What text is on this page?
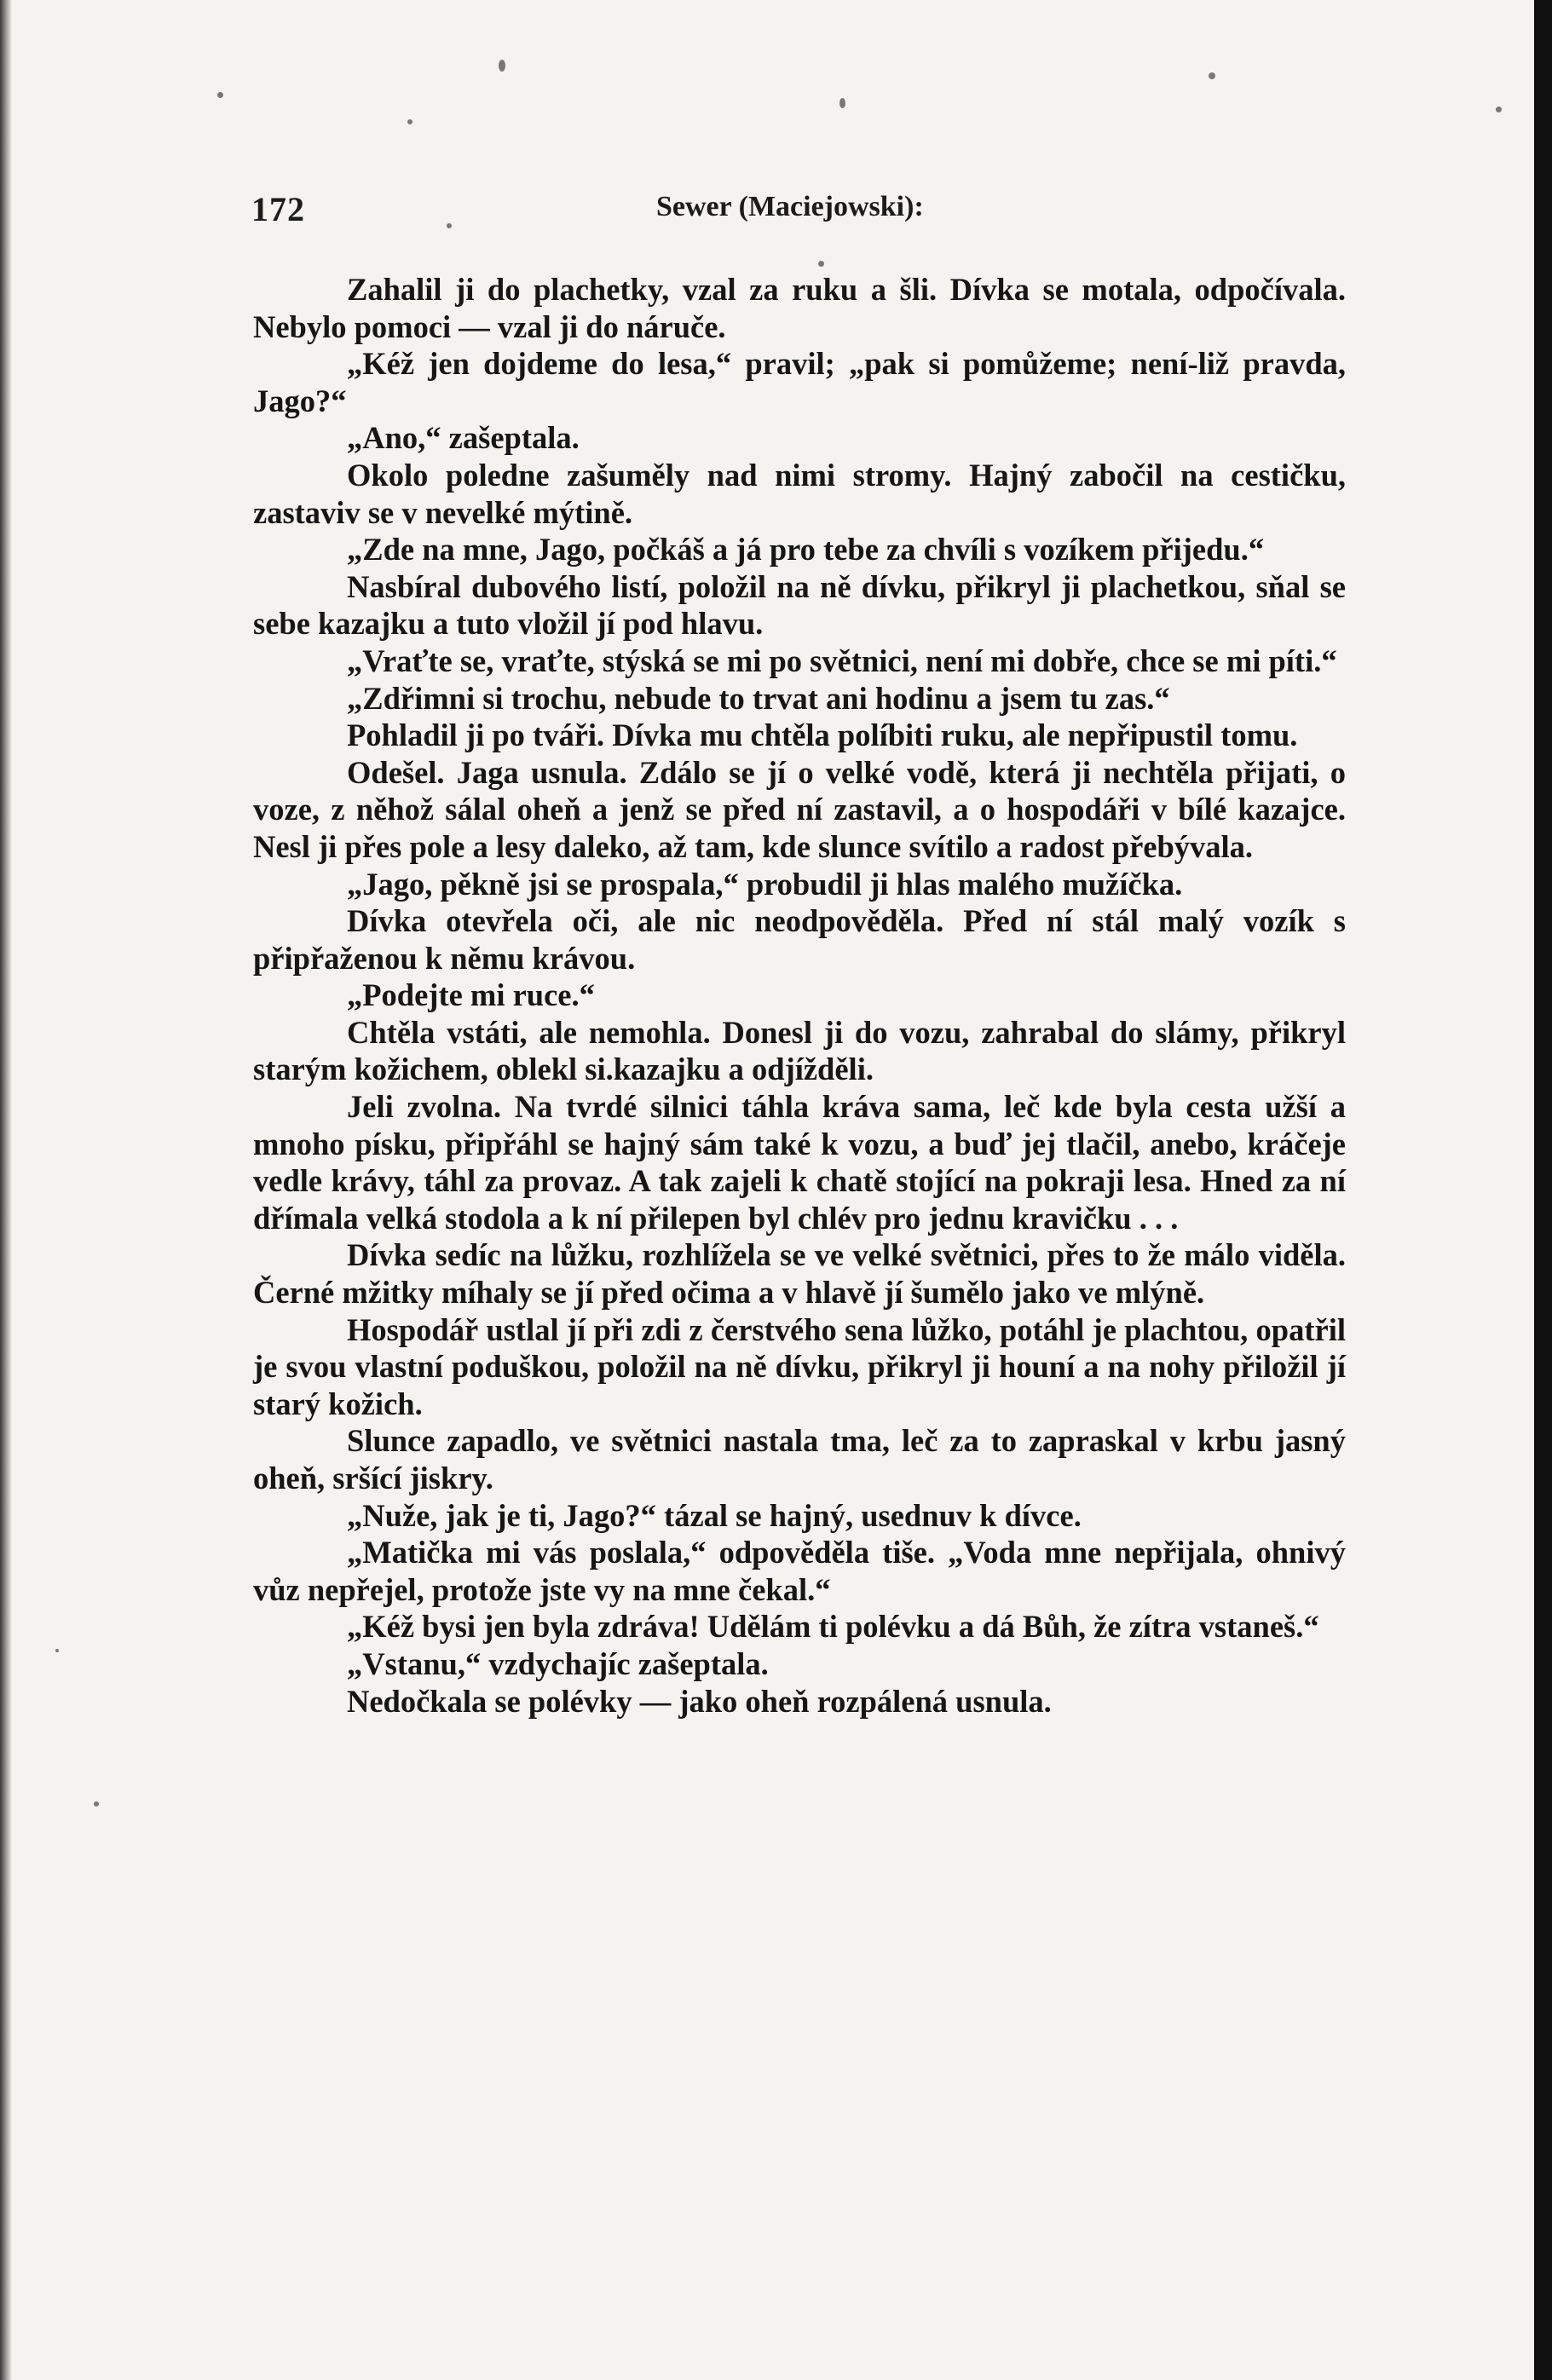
172	Sewer (Maciejowski):

Zahalil ji do plachetky, vzal za ruku a šli. Dívka se motala, odpočívala. Nebylo pomoci — vzal ji do náruče.

„Kéž jen dojdeme do lesa,“ pravil; „pak si pomůžeme; není-liž pravda, Jago?“

„Ano,“ zašeptala.

Okolo poledne zašuměly nad nimi stromy. Hajný zabočil na cestičku, zastaviv se v nevelké mýtině.

„Zde na mne, Jago, počkáš a já pro tebe za chvíli s vozíkem přijedu.“

Nasbíral dubového listí, položil na ně dívku, přikryl ji plachetkou, sňal se sebe kazajku a tuto vložil jí pod hlavu.

„Vraťte se, vraťte, stýská se mi po světnici, není mi dobře, chce se mi píti.“

„Zdřimni si trochu, nebude to trvat ani hodinu a jsem tu zas.“

Pohladil ji po tváři. Dívka mu chtěla políbiti ruku, ale nepřipustil tomu.

Odešel. Jaga usnula. Zdálo se jí o velké vodě, která ji nechtěla přijati, o voze, z něhož sálal oheň a jenž se před ní zastavil, a o hospodáři v bílé kazajce. Nesl ji přes pole a lesy daleko, až tam, kde slunce svítilo a radost přebývala.

„Jago, pěkně jsi se prospala,“ probudil ji hlas malého mužíčka.

Dívka otevřela oči, ale nic neodpověděla. Před ní stál malý vozík s připřaženou k němu krávou.

„Podejte mi ruce.“

Chtěla vstáti, ale nemohla. Donesl ji do vozu, zahrabal do slámy, přikryl starým kožichem, oblekl si.kazajku a odjížděli.

Jeli zvolna. Na tvrdé silnici táhla kráva sama, leč kde byla cesta užší a mnoho písku, připřáhl se hajný sám také k vozu, a buď jej tlačil, anebo, kráčeje vedle krávy, táhl za provaz. A tak zajeli k chatě stojící na pokraji lesa. Hned za ní dřímala velká stodola a k ní přilepen byl chlév pro jednu kravičku . . .

Dívka sedíc na lůžku, rozhlížela se ve velké světnici, přes to že málo viděla. Černé mžitky míhaly se jí před očima a v hlavě jí šumělo jako ve mlýně.

Hospodář ustlal jí při zdi z čerstvého sena lůžko, potáhl je plachtou, opatřil je svou vlastní poduškou, položil na ně dívku, přikryl ji houní a na nohy přiložil jí starý kožich.

Slunce zapadlo, ve světnici nastala tma, leč za to zapraskal v krbu jasný oheň, sršící jiskry.

„Nuže, jak je ti, Jago?“ tázal se hajný, usednuv k dívce.

„Matička mi vás poslala,“ odpověděla tiše. „Voda mne nepřijala, ohnivý vůz nepřejel, protože jste vy na mne čekal.“

„Kéž bysi jen byla zdráva! Udělám ti polévku a dá Bůh, že zítra vstaneš.“

„Vstanu,“ vzdychajíc zašeptala.

Nedočkala se polévky — jako oheň rozpálená usnula.
